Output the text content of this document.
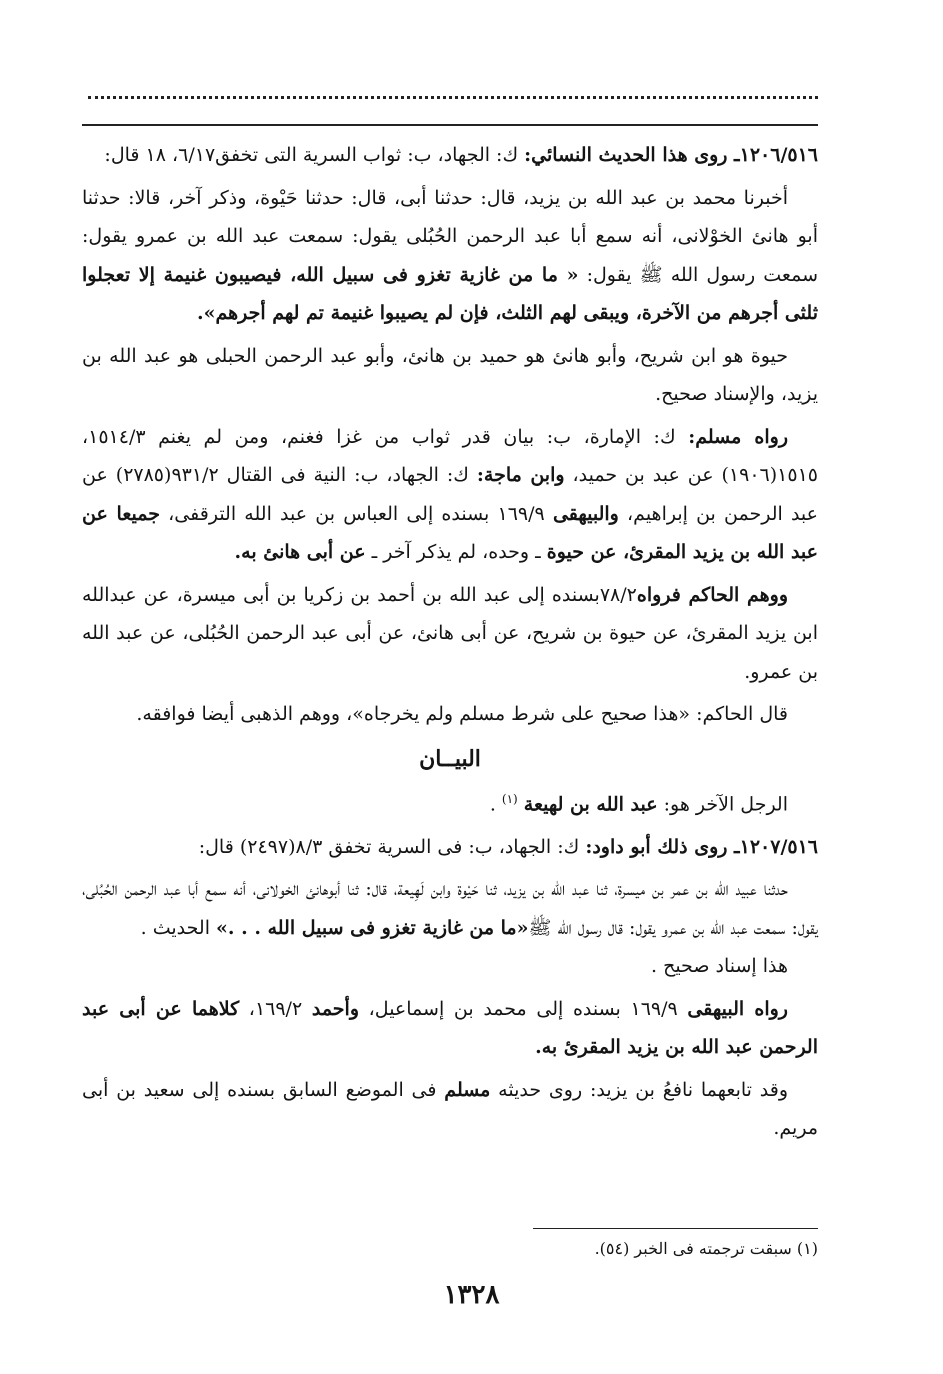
١٢٠٦/٥١٦ـ روى هذا الحديث النسائي: ك: الجهاد، ب: ثواب السرية التى تخفق٦/١٧، ١٨ قال:

أخبرنا محمد بن عبد الله بن يزيد، قال: حدثنا أبى، قال: حدثنا حَيْوة، وذكر آخر، قالا: حدثنا أبو هانئ الخوْلانى، أنه سمع أبا عبد الرحمن الحُبُلى يقول: سمعت عبد الله بن عمرو يقول: سمعت رسول الله ﷺ يقول: « ما من غازية تغزو فى سبيل الله، فيصيبون غنيمة إلا تعجلوا ثلثى أجرهم من الآخرة، ويبقى لهم الثلث، فإن لم يصيبوا غنيمة تم لهم أجرهم».

حيوة هو ابن شريح، وأبو هانئ هو حميد بن هانئ، وأبو عبد الرحمن الحبلى هو عبد الله بن يزيد، والإسناد صحيح.

رواه مسلم: ك: الإمارة، ب: بيان قدر ثواب من غزا فغنم، ومن لم يغنم ١٥١٤/٣، ١٥١٥(١٩٠٦) عن عبد بن حميد، وابن ماجة: ك: الجهاد، ب: النية فى القتال ٩٣١/٢(٢٧٨٥) عن عبد الرحمن بن إبراهيم، والبيهقى ١٦٩/٩ بسنده إلى العباس بن عبد الله الترقفى، جميعا عن عبد الله بن يزيد المقرئ، عن حيوة ـ وحده، لم يذكر آخر ـ عن أبى هانئ به.

ووهم الحاكم فرواه٧٨/٢بسنده إلى عبد الله بن أحمد بن زكريا بن أبى ميسرة، عن عبدالله ابن يزيد المقرئ، عن حيوة بن شريح، عن أبى هانئ، عن أبى عبد الرحمن الحُبُلى، عن عبد الله بن عمرو.

قال الحاكم: «هذا صحيح على شرط مسلم ولم يخرجاه»، ووهم الذهبى أيضا فوافقه.

البيــان

الرجل الآخر هو: عبد الله بن لهيعة $^{(١)}$ .

١٢٠٧/٥١٦ـ روى ذلك أبو داود: ك: الجهاد، ب: فى السرية تخفق ٨/٣(٢٤٩٧) قال:

حدثنا عبيد الله بن عمر بن ميسرة، ثنا عبد الله بن يزيد، ثنا حَيْوة وابن لَهِيعة، قال: ثنا أبوهانئ الخولانى، أنه سمع أبا عبد الرحمن الحُبُلى، يقول: سمعت عبد الله بن عمرو يقول: قال رسول الله ﷺ«ما من غازية تغزو فى سبيل الله . . .» الحديث .

هذا إسناد صحيح .

رواه البيهقى ١٦٩/٩ بسنده إلى محمد بن إسماعيل، وأحمد ١٦٩/٢، كلاهما عن أبى عبد الرحمن عبد الله بن يزيد المقرئ به.

وقد تابعهما نافعُ بن يزيد: روى حديثه مسلم فى الموضع السابق بسنده إلى سعيد بن أبى مريم.

(١) سبقت ترجمته فى الخبر (٥٤).
١٣٢٨
